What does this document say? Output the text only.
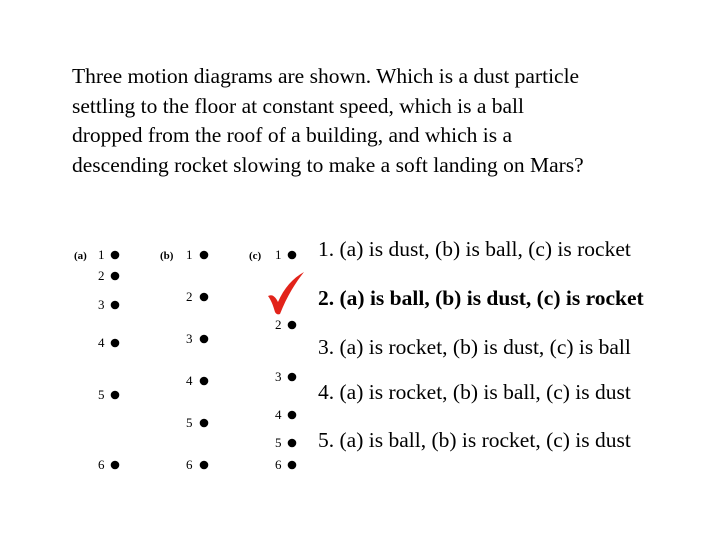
Three motion diagrams are shown. Which is a dust particle
settling to the floor at constant speed, which is a ball
dropped from the roof of a building, and which is a
descending rocket slowing to make a soft landing on Mars?
(a) 1
2
3
4
5
6
(b) 1
2
3
4
5
6
(c) 1
2
3
4
5
6
1. (a) is dust, (b) is ball, (c) is rocket
2. (a) is ball, (b) is dust, (c) is rocket
3. (a) is rocket, (b) is dust, (c) is ball
4. (a) is rocket, (b) is ball, (c) is dust
5. (a) is ball, (b) is rocket, (c) is dust
